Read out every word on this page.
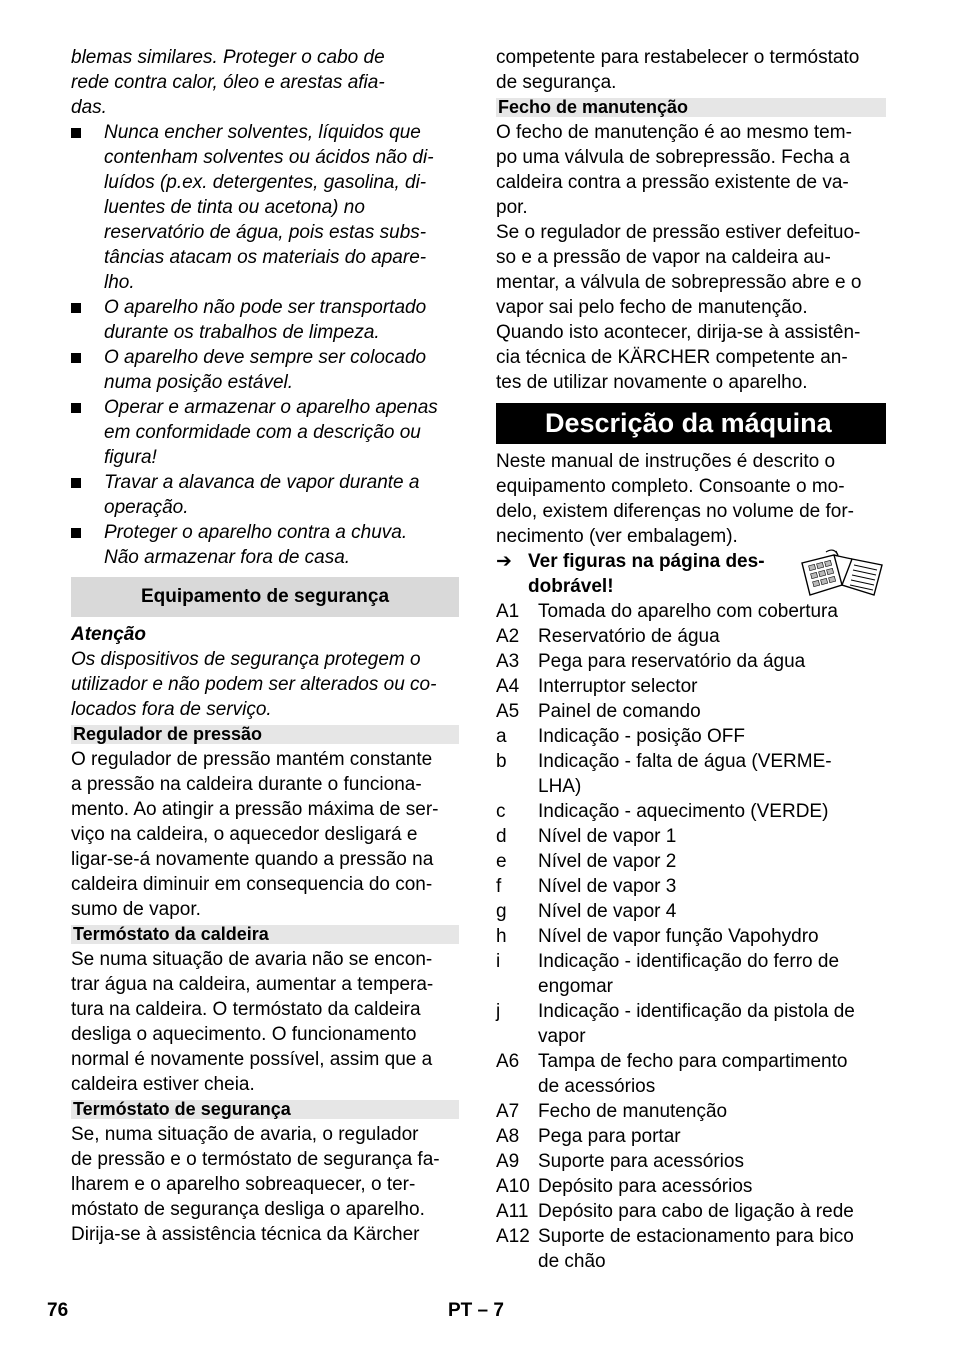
blemas similares. Proteger o cabo de
rede contra calor, óleo e arestas afia-
das.

Nunca encher solventes, líquidos que
contenham solventes ou ácidos não di-
luídos (p.ex. detergentes, gasolina, di-
luentes de tinta ou acetona) no
reservatório de água, pois estas subs-
tâncias atacam os materiais do apare-
lho.
O aparelho não pode ser transportado
durante os trabalhos de limpeza.
O aparelho deve sempre ser colocado
numa posição estável.
Operar e armazenar o aparelho apenas
em conformidade com a descrição ou
figura!
Travar a alavanca de vapor durante a
operação.
Proteger o aparelho contra a chuva.
Não armazenar fora de casa.
Equipamento de segurança

Atenção

Os dispositivos de segurança protegem o
utilizador e não podem ser alterados ou co-
locados fora de serviço.

Regulador de pressão

O regulador de pressão mantém constante
a pressão na caldeira durante o funciona-
mento. Ao atingir a pressão máxima de ser-
viço na caldeira, o aquecedor desligará e
ligar-se-á novamente quando a pressão na
caldeira diminuir em consequencia do con-
sumo de vapor.

Termóstato da caldeira

Se numa situação de avaria não se encon-
trar água na caldeira, aumentar a tempera-
tura na caldeira. O termóstato da caldeira
desliga o aquecimento. O funcionamento
normal é novamente possível, assim que a
caldeira estiver cheia.

Termóstato de segurança

Se, numa situação de avaria, o regulador
de pressão e o termóstato de segurança fa-
lharem e o aparelho sobreaquecer, o ter-
móstato de segurança desliga o aparelho.
Dirija-se à assistência técnica da Kärcher

competente para restabelecer o termóstato
de segurança.

Fecho de manutenção

O fecho de manutenção é ao mesmo tem-
po uma válvula de sobrepressão. Fecha a
caldeira contra a pressão existente de va-
por.
Se o regulador de pressão estiver defeituo-
so e a pressão de vapor na caldeira au-
mentar, a válvula de sobrepressão abre e o
vapor sai pelo fecho de manutenção.
Quando isto acontecer, dirija-se à assistên-
cia técnica de KÄRCHER competente an-
tes de utilizar novamente o aparelho.

Descrição da máquina

Neste manual de instruções é descrito o
equipamento completo. Consoante o mo-
delo, existem diferenças no volume de for-
necimento (ver embalagem).

➔ Ver figuras na página des-
dobrável!
A1 Tomada do aparelho com cobertura
A2 Reservatório de água
A3 Pega para reservatório da água
A4 Interruptor selector
A5 Painel de comando
a Indicação - posição OFF
b Indicação - falta de água (VERME-
LHA)
c Indicação - aquecimento (VERDE)
d Nível de vapor 1
e Nível de vapor 2
f Nível de vapor 3
g Nível de vapor 4
h Nível de vapor função Vapohydro
i Indicação - identificação do ferro de
engomar
j Indicação - identificação da pistola de
vapor
A6 Tampa de fecho para compartimento
de acessórios
A7 Fecho de manutenção
A8 Pega para portar
A9 Suporte para acessórios
A10 Depósito para acessórios
A11 Depósito para cabo de ligação à rede
A12 Suporte de estacionamento para bico
de chão
76	PT – 7
